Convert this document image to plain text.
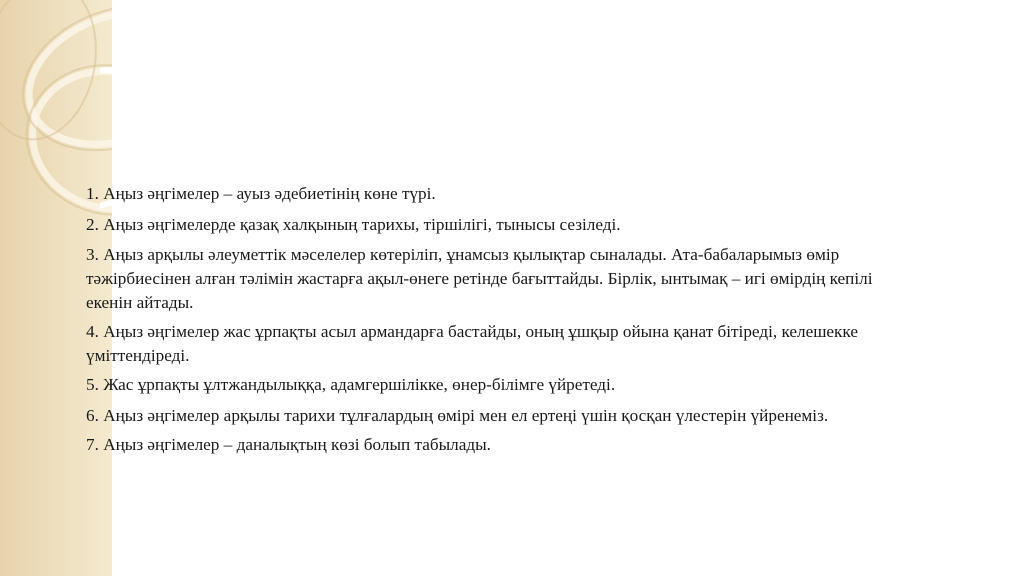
1. Аңыз әңгімелер – ауыз әдебиетінің көне түрі.

2. Аңыз әңгімелерде қазақ халқының тарихы, тіршілігі, тынысы сезіледі.

3. Аңыз арқылы әлеуметтік мәселелер көтеріліп, ұнамсыз қылықтар сыналады. Ата-бабаларымыз өмір тәжірбиесінен алған тәлімін жастарға ақыл-өнеге ретінде бағыттайды. Бірлік, ынтымақ – игі өмірдің кепілі екенін айтады.

4. Аңыз әңгімелер жас ұрпақты асыл армандарға бастайды, оның ұшқыр ойына қанат бітіреді, келешекке үміттендіреді.

5. Жас ұрпақты ұлтжандылыққа, адамгершілікке, өнер-білімге үйретеді.

6. Аңыз әңгімелер арқылы тарихи тұлғалардың өмірі мен ел ертеңі үшін қосқан үлестерін үйренеміз.

7. Аңыз әңгімелер – даналықтың көзі болып табылады.
